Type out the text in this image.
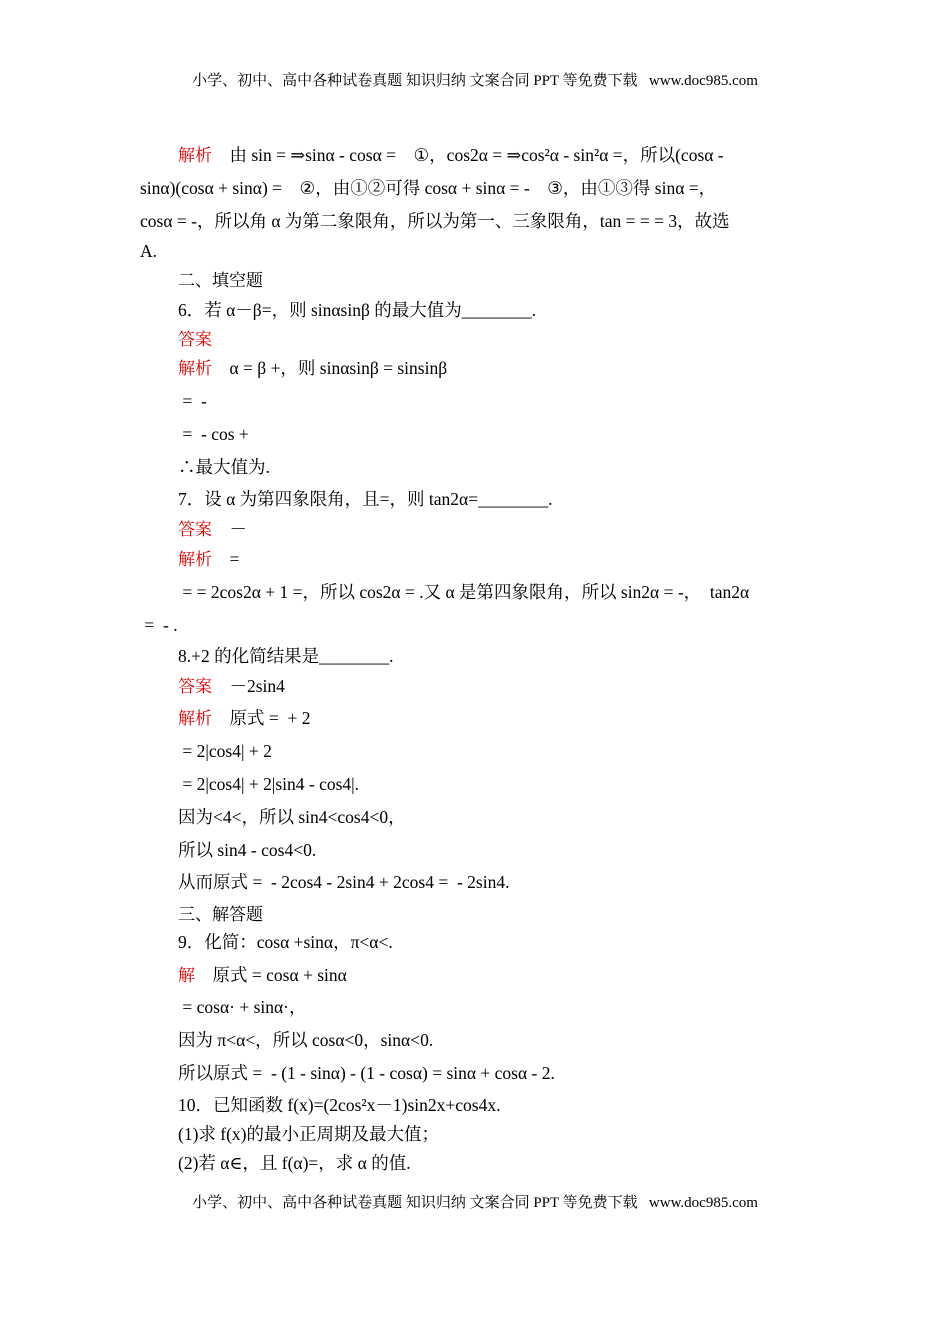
小学、初中、高中各种试卷真题 知识归纳 文案合同 PPT 等免费下载   www.doc985.com
解析    由 sin = ⇒sinα - cosα =    ①，cos2α = ⇒cos²α - sin²α =，所以(cosα -
sinα)(cosα + sinα) =    ②，由①②可得 cosα + sinα = -    ③，由①③得 sinα =，
cosα = -，所以角 α 为第二象限角，所以为第一、三象限角，tan = = = 3，故选
A.
二、填空题
6．若 α－β=，则 sinαsinβ 的最大值为________.
答案
解析    α = β +，则 sinαsinβ = sinsinβ
=  -
=  - cos +
∴最大值为.
7．设 α 为第四象限角，且=，则 tan2α=________.
答案    －
解析    =
= = 2cos2α + 1 =，所以 cos2α = .又 α 是第四象限角，所以 sin2α = -，  tan2α
=  - .
8.+2 的化简结果是________.
答案    －2sin4
解析    原式 =  + 2
= 2|cos4| + 2
= 2|cos4| + 2|sin4 - cos4|.
因为<4<，所以 sin4<cos4<0，
所以 sin4 - cos4<0.
从而原式 =  - 2cos4 - 2sin4 + 2cos4 =  - 2sin4.
三、解答题
9．化简：cosα +sinα，π<α<.
解    原式 = cosα + sinα
= cosα· + sinα·，
因为 π<α<，所以 cosα<0，sinα<0.
所以原式 =  - (1 - sinα) - (1 - cosα) = sinα + cosα - 2.
10．已知函数 f(x)=(2cos²x－1)sin2x+cos4x.
(1)求 f(x)的最小正周期及最大值；
(2)若 α∈，且 f(α)=，求 α 的值.
小学、初中、高中各种试卷真题 知识归纳 文案合同 PPT 等免费下载   www.doc985.com
